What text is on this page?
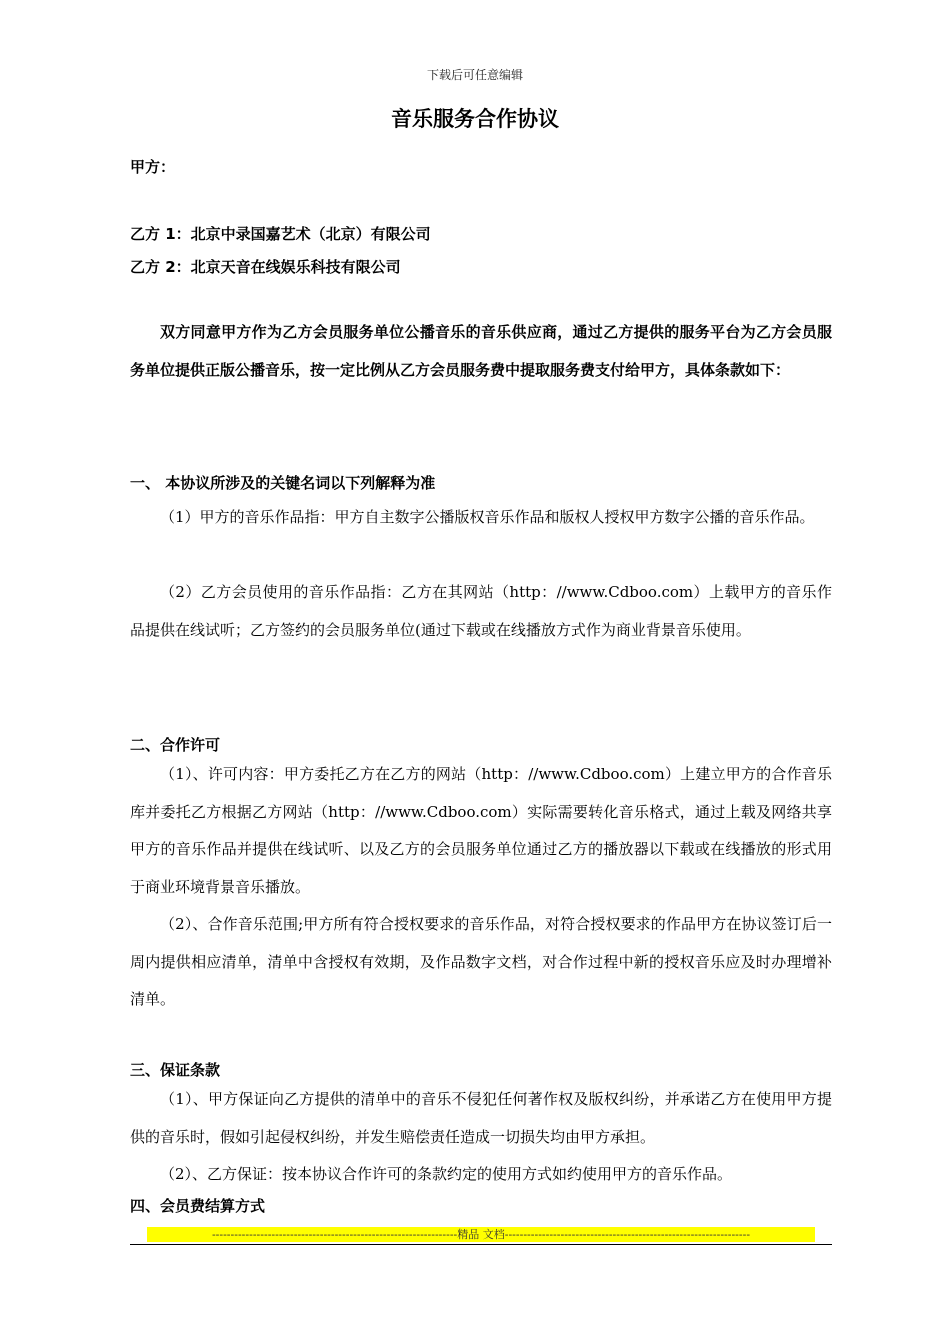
下载后可任意编辑
音乐服务合作协议
甲方：
乙方 1：北京中录国嘉艺术（北京）有限公司
乙方 2：北京天音在线娱乐科技有限公司
双方同意甲方作为乙方会员服务单位公播音乐的音乐供应商，通过乙方提供的服务平台为乙方会员服务单位提供正版公播音乐，按一定比例从乙方会员服务费中提取服务费支付给甲方，具体条款如下：
一、 本协议所涉及的关键名词以下列解释为准
（1）甲方的音乐作品指：甲方自主数字公播版权音乐作品和版权人授权甲方数字公播的音乐作品。
（2）乙方会员使用的音乐作品指：乙方在其网站（http：//www.Cdboo.com）上载甲方的音乐作品提供在线试听；乙方签约的会员服务单位(通过下载或在线播放方式作为商业背景音乐使用。
二、合作许可
（1）、许可内容：甲方委托乙方在乙方的网站（http：//www.Cdboo.com）上建立甲方的合作音乐库并委托乙方根据乙方网站（http：//www.Cdboo.com）实际需要转化音乐格式，通过上载及网络共享甲方的音乐作品并提供在线试听、以及乙方的会员服务单位通过乙方的播放器以下载或在线播放的形式用于商业环境背景音乐播放。
（2）、合作音乐范围;甲方所有符合授权要求的音乐作品，对符合授权要求的作品甲方在协议签订后一周内提供相应清单，清单中含授权有效期，及作品数字文档，对合作过程中新的授权音乐应及时办理增补清单。
三、保证条款
（1）、甲方保证向乙方提供的清单中的音乐不侵犯任何著作权及版权纠纷，并承诺乙方在使用甲方提供的音乐时，假如引起侵权纠纷，并发生赔偿责任造成一切损失均由甲方承担。
（2）、乙方保证：按本协议合作许可的条款约定的使用方式如约使用甲方的音乐作品。
四、会员费结算方式
------------------------------------------------------------------精品 文档------------------------------------------------------------------
